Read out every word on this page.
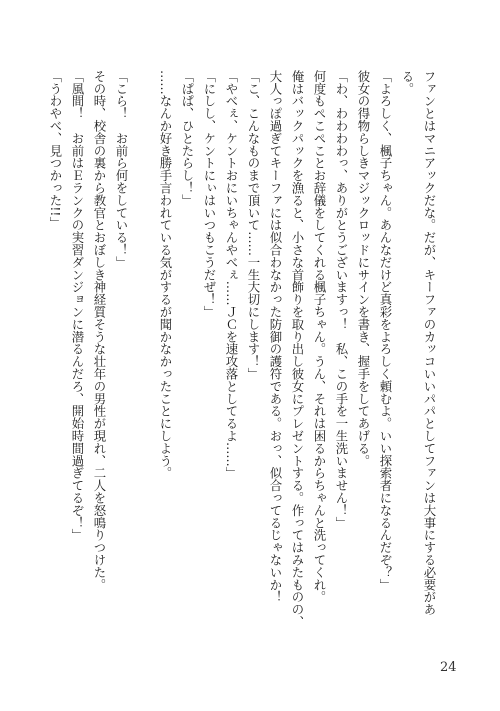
ファンとはマニアックだな。だが、キーファのカッコいいパパとしてファンは大事にする必要があ
る。
「よろしく、楓子ちゃん。あんなだけど真彩をよろしく頼むよ。いい探索者になるんだぞ？」
彼女の得物らしきマジックロッドにサインを書き、握手をしてあげる。
「わ、わわわわっ、ありがとうございますっ！　私、この手を一生洗いません！」
何度もぺこぺことお辞儀をしてくれる楓子ちゃん。うん、それは困るからちゃんと洗ってくれ。
俺はバックパックを漁ると、小さな首飾りを取り出し彼女にプレゼントする。作ってはみたものの、
大人っぽ過ぎてキーファには似合わなかった防御の護符である。おっ、似合ってるじゃないか！
「こ、こんなものまで頂いて……一生大切にします！」
「やべぇ、ケントおにいちゃんやべぇ……ＪＣを速攻落としてるよ……」
「にしし、ケントにぃはいつもこうだぜ！」
「ぱぱ、ひとたらし！」
……なんか好き勝手言われている気がするが聞かなかったことにしよう。
「こら！　お前ら何をしている！」
その時、校舎の裏から教官とおぼしき神経質そうな壮年の男性が現れ、二人を怒鳴りつけた。
「風間！　お前はＥランクの実習ダンジョンに潜るんだろ、開始時間過ぎてるぞ！」
「うわやべ、見つかった!!」
24
